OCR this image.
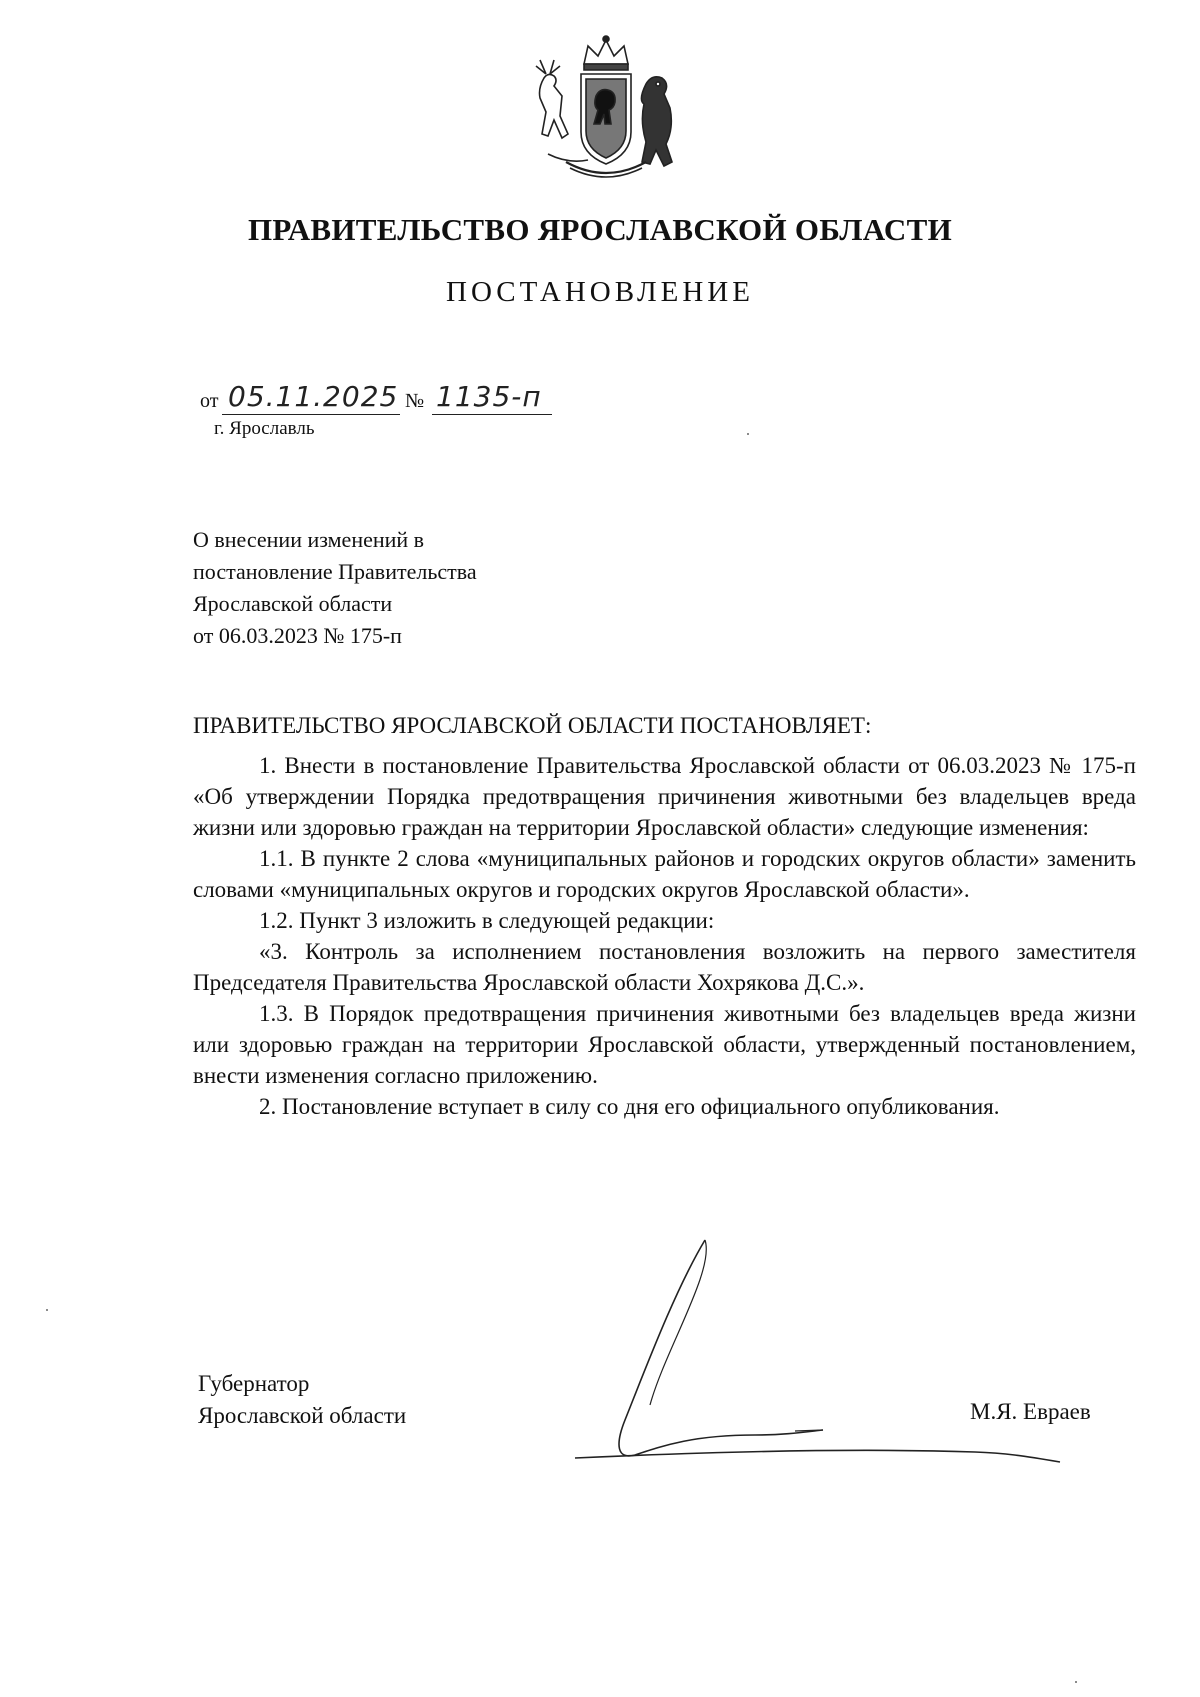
ПРАВИТЕЛЬСТВО ЯРОСЛАВСКОЙ ОБЛАСТИ
ПОСТАНОВЛЕНИЕ
от 05.11.2025 № 1135-п
г. Ярославль
О внесении изменений в
постановление Правительства
Ярославской области
от 06.03.2023 № 175-п
ПРАВИТЕЛЬСТВО ЯРОСЛАВСКОЙ ОБЛАСТИ ПОСТАНОВЛЯЕТ:

1. Внести в постановление Правительства Ярославской области от 06.03.2023 № 175-п «Об утверждении Порядка предотвращения причинения животными без владельцев вреда жизни или здоровью граждан на территории Ярославской области» следующие изменения:

1.1. В пункте 2 слова «муниципальных районов и городских округов области» заменить словами «муниципальных округов и городских округов Ярославской области».

1.2. Пункт 3 изложить в следующей редакции:

«3. Контроль за исполнением постановления возложить на первого заместителя Председателя Правительства Ярославской области Хохрякова Д.С.».

1.3. В Порядок предотвращения причинения животными без владельцев вреда жизни или здоровью граждан на территории Ярославской области, утвержденный постановлением, внести изменения согласно приложению.

2. Постановление вступает в силу со дня его официального опубликования.

Губернатор
Ярославской области	М.Я. Евраев
